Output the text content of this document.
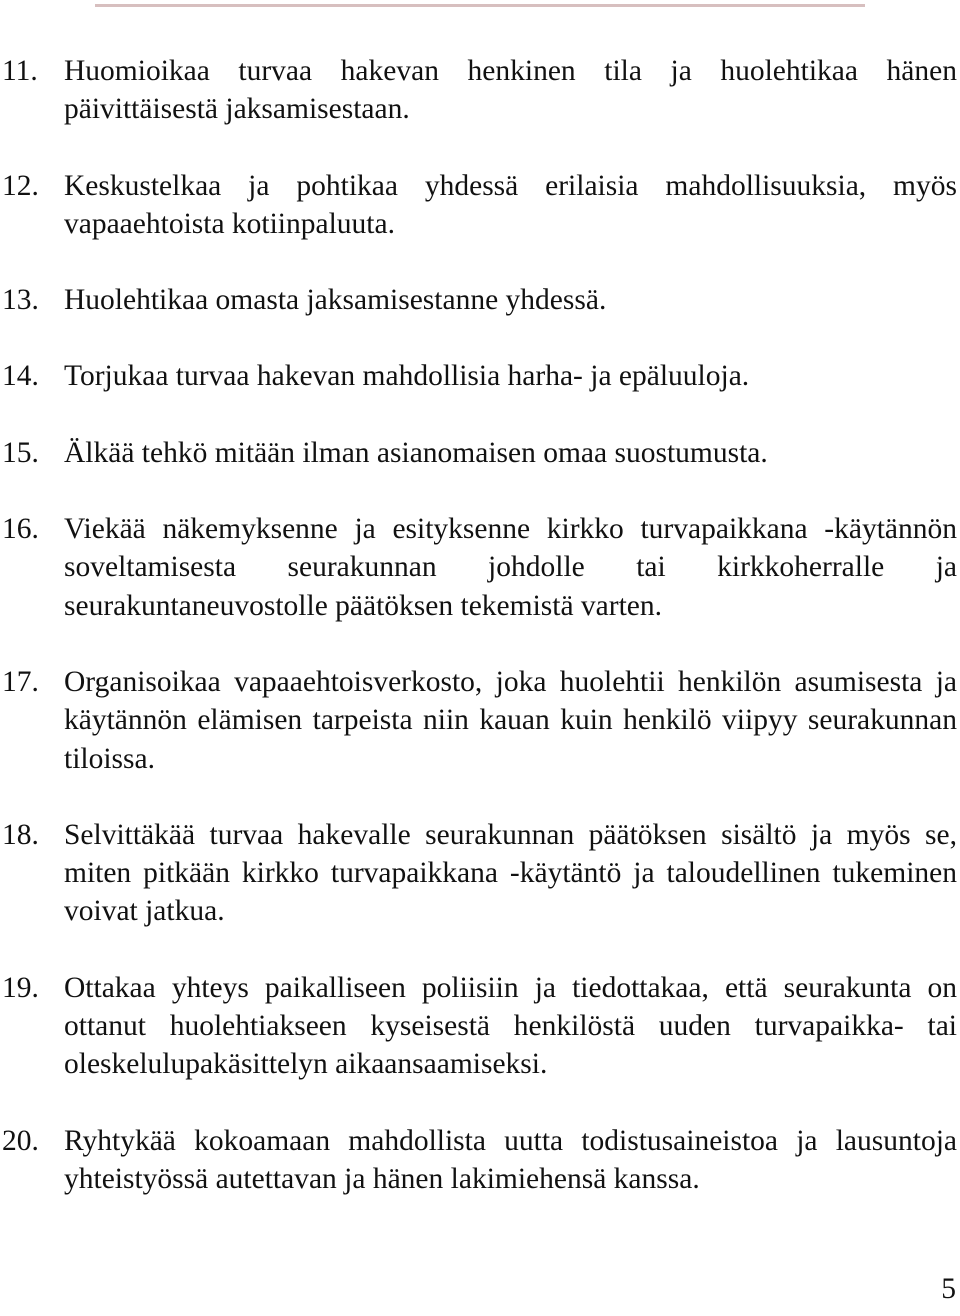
11. Huomioikaa turvaa hakevan henkinen tila ja huolehtikaa hänen päivittäisestä jaksamisestaan.
12. Keskustelkaa ja pohtikaa yhdessä erilaisia mahdollisuuksia, myös vapaaehtoista kotiinpaluuta.
13. Huolehtikaa omasta jaksamisestanne yhdessä.
14. Torjukaa turvaa hakevan mahdollisia harha- ja epäluuloja.
15. Älkää tehkö mitään ilman asianomaisen omaa suostumusta.
16. Viekää näkemyksenne ja esityksenne kirkko turvapaikkana -käytännön soveltamisesta seurakunnan johdolle tai kirkkoherralle ja seurakuntaneuvostolle päätöksen tekemistä varten.
17. Organisoikaa vapaaehtoisverkosto, joka huolehtii henkilön asumisesta ja käytännön elämisen tarpeista niin kauan kuin henkilö viipyy seurakunnan tiloissa.
18. Selvittäkää turvaa hakevalle seurakunnan päätöksen sisältö ja myös se, miten pitkään kirkko turvapaikkana -käytäntö ja taloudellinen tukeminen voivat jatkua.
19. Ottakaa yhteys paikalliseen poliisiin ja tiedottakaa, että seurakunta on ottanut huolehtiakseen kyseisestä henkilöstä uuden turvapaikka- tai oleskelulupakäsittelyn aikaansaamiseksi.
20. Ryhtykää kokoamaan mahdollista uutta todistusaineistoa ja lausuntoja yhteistyössä autettavan ja hänen lakimiehensä kanssa.
5
